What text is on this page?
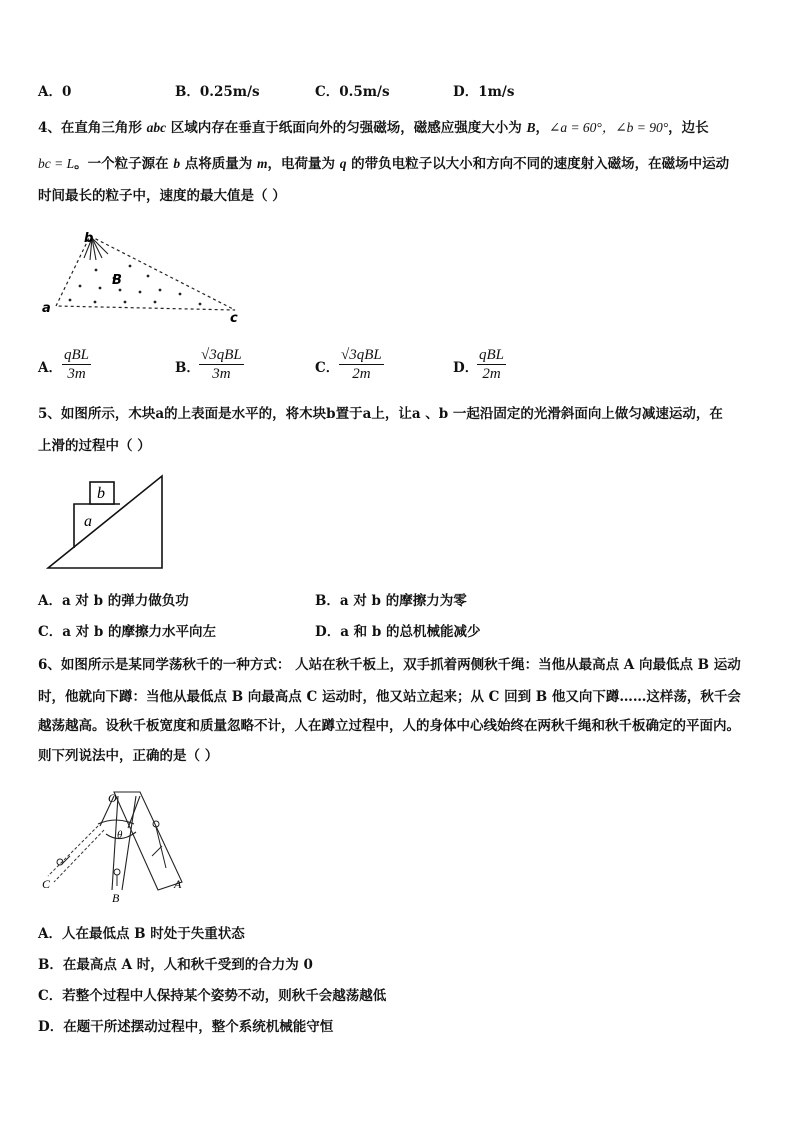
A．0	B．0.25m/s	C．0.5m/s	D．1m/s
4、在直角三角形 abc 区域内存在垂直于纸面向外的匀强磁场，磁感应强度大小为 B，∠a = 60°，∠b = 90°，边长
bc = L。一个粒子源在 b 点将质量为 m，电荷量为 q 的带负电粒子以大小和方向不同的速度射入磁场，在磁场中运动
时间最长的粒子中，速度的最大值是（ ）
b
B
a
c
A．
qBL
3m	B．
√3qBL
3m	C．
√3qBL
2m	D．
qBL
2m
5、如图所示，木块a的上表面是水平的，将木块b置于a上，让a 、b 一起沿固定的光滑斜面向上做匀减速运动，在
上滑的过程中（ ）
b
a
A．a 对 b 的弹力做负功	B．a 对 b 的摩擦力为零
C．a 对 b 的摩擦力水平向左	D．a 和 b 的总机械能减少
6、如图所示是某同学荡秋千的一种方式： 人站在秋千板上，双手抓着两侧秋千绳：当他从最高点 A 向最低点 B 运动
时，他就向下蹲：当他从最低点 B 向最高点 C 运动时，他又站立起来；从 C 回到 B 他又向下蹲……这样荡，秋千会
越荡越高。设秋千板宽度和质量忽略不计，人在蹲立过程中，人的身体中心线始终在两秋千绳和秋千板确定的平面内。
则下列说法中，正确的是（ ）
O
θ
A
B
C
A．人在最低点 B 时处于失重状态
B．在最高点 A 时，人和秋千受到的合力为 0
C．若整个过程中人保持某个姿势不动，则秋千会越荡越低
D．在题干所述摆动过程中，整个系统机械能守恒
